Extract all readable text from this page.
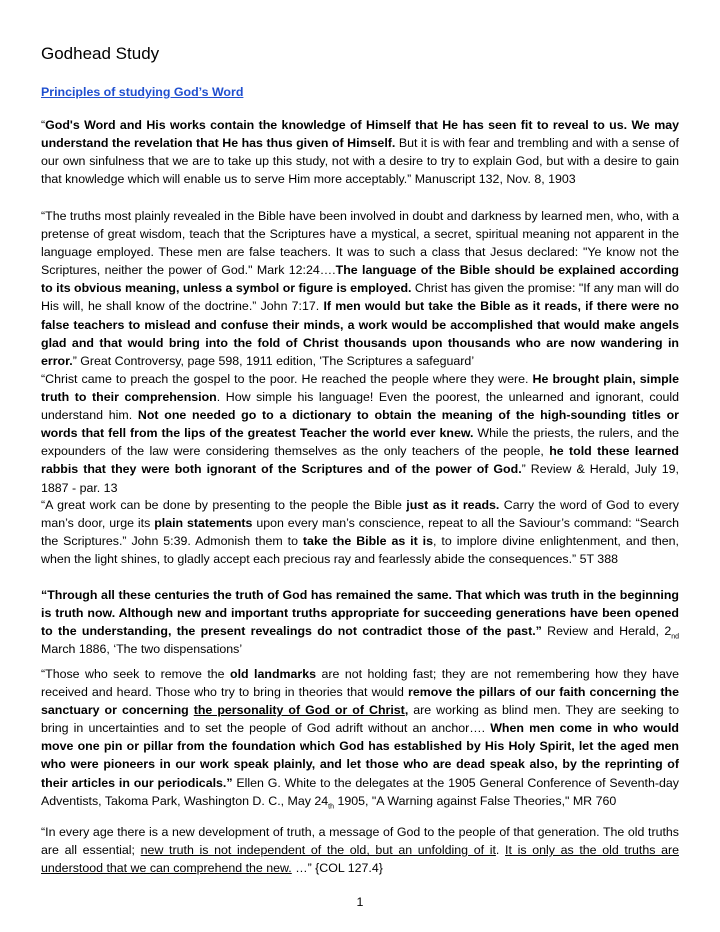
Godhead Study

Principles of studying God’s Word

“God's Word and His works contain the knowledge of Himself that He has seen fit to reveal to us. We may understand the revelation that He has thus given of Himself. But it is with fear and trembling and with a sense of our own sinfulness that we are to take up this study, not with a desire to try to explain God, but with a desire to gain that knowledge which will enable us to serve Him more acceptably.” Manuscript 132, Nov. 8, 1903

“The truths most plainly revealed in the Bible have been involved in doubt and darkness by learned men, who, with a pretense of great wisdom, teach that the Scriptures have a mystical, a secret, spiritual meaning not apparent in the language employed. These men are false teachers. It was to such a class that Jesus declared: "Ye know not the Scriptures, neither the power of God." Mark 12:24….The language of the Bible should be explained according to its obvious meaning, unless a symbol or figure is employed. Christ has given the promise: "If any man will do His will, he shall know of the doctrine.” John 7:17. If men would but take the Bible as it reads, if there were no false teachers to mislead and confuse their minds, a work would be accomplished that would make angels glad and that would bring into the fold of Christ thousands upon thousands who are now wandering in error.” Great Controversy, page 598, 1911 edition, 'The Scriptures a safeguard’

“Christ came to preach the gospel to the poor. He reached the people where they were. He brought plain, simple truth to their comprehension. How simple his language! Even the poorest, the unlearned and ignorant, could understand him. Not one needed go to a dictionary to obtain the meaning of the high-sounding titles or words that fell from the lips of the greatest Teacher the world ever knew. While the priests, the rulers, and the expounders of the law were considering themselves as the only teachers of the people, he told these learned rabbis that they were both ignorant of the Scriptures and of the power of God.” Review & Herald, July 19, 1887 - par. 13

“A great work can be done by presenting to the people the Bible just as it reads. Carry the word of God to every man’s door, urge its plain statements upon every man’s conscience, repeat to all the Saviour’s command: “Search the Scriptures.” John 5:39. Admonish them to take the Bible as it is, to implore divine enlightenment, and then, when the light shines, to gladly accept each precious ray and fearlessly abide the consequences.” 5T 388

“Through all these centuries the truth of God has remained the same. That which was truth in the beginning is truth now. Although new and important truths appropriate for succeeding generations have been opened to the understanding, the present revealings do not contradict those of the past.” Review and Herald, $2_{nd}$ March 1886, ‘The two dispensations’

“Those who seek to remove the old landmarks are not holding fast; they are not remembering how they have received and heard. Those who try to bring in theories that would remove the pillars of our faith concerning the sanctuary or concerning the personality of God or of Christ, are working as blind men. They are seeking to bring in uncertainties and to set the people of God adrift without an anchor…. When men come in who would move one pin or pillar from the foundation which God has established by His Holy Spirit, let the aged men who were pioneers in our work speak plainly, and let those who are dead speak also, by the reprinting of their articles in our periodicals.” Ellen G. White to the delegates at the 1905 General Conference of Seventh-day Adventists, Takoma Park, Washington D. C., May $24_{th}$ 1905, "A Warning against False Theories," MR 760

“In every age there is a new development of truth, a message of God to the people of that generation. The old truths are all essential; new truth is not independent of the old, but an unfolding of it. It is only as the old truths are understood that we can comprehend the new. …” {COL 127.4}

1
